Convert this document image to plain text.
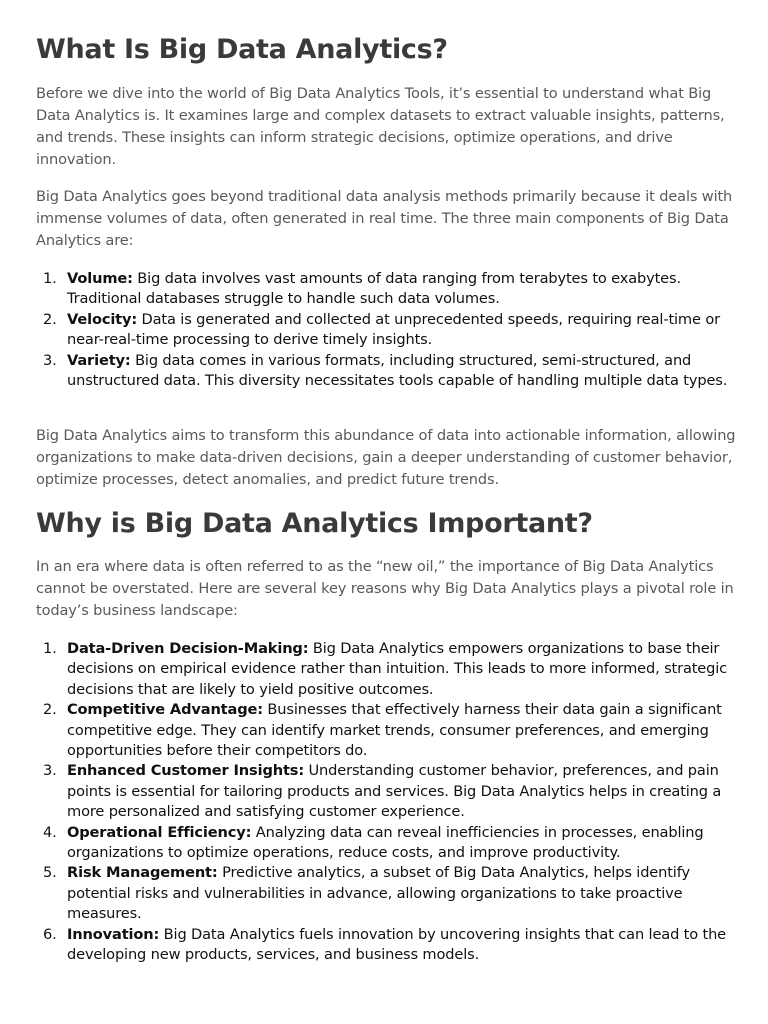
What Is Big Data Analytics?

Before we dive into the world of Big Data Analytics Tools, it’s essential to understand what Big Data Analytics is. It examines large and complex datasets to extract valuable insights, patterns, and trends. These insights can inform strategic decisions, optimize operations, and drive innovation.

Big Data Analytics goes beyond traditional data analysis methods primarily because it deals with immense volumes of data, often generated in real time. The three main components of Big Data Analytics are:

1. Volume: Big data involves vast amounts of data ranging from terabytes to exabytes. Traditional databases struggle to handle such data volumes.
2. Velocity: Data is generated and collected at unprecedented speeds, requiring real-time or near-real-time processing to derive timely insights.
3. Variety: Big data comes in various formats, including structured, semi-structured, and unstructured data. This diversity necessitates tools capable of handling multiple data types.

Big Data Analytics aims to transform this abundance of data into actionable information, allowing organizations to make data-driven decisions, gain a deeper understanding of customer behavior, optimize processes, detect anomalies, and predict future trends.

Why is Big Data Analytics Important?

In an era where data is often referred to as the “new oil,” the importance of Big Data Analytics cannot be overstated. Here are several key reasons why Big Data Analytics plays a pivotal role in today’s business landscape:

1. Data-Driven Decision-Making: Big Data Analytics empowers organizations to base their decisions on empirical evidence rather than intuition. This leads to more informed, strategic decisions that are likely to yield positive outcomes.
2. Competitive Advantage: Businesses that effectively harness their data gain a significant competitive edge. They can identify market trends, consumer preferences, and emerging opportunities before their competitors do.
3. Enhanced Customer Insights: Understanding customer behavior, preferences, and pain points is essential for tailoring products and services. Big Data Analytics helps in creating a more personalized and satisfying customer experience.
4. Operational Efficiency: Analyzing data can reveal inefficiencies in processes, enabling organizations to optimize operations, reduce costs, and improve productivity.
5. Risk Management: Predictive analytics, a subset of Big Data Analytics, helps identify potential risks and vulnerabilities in advance, allowing organizations to take proactive measures.
6. Innovation: Big Data Analytics fuels innovation by uncovering insights that can lead to the developing new products, services, and business models.
